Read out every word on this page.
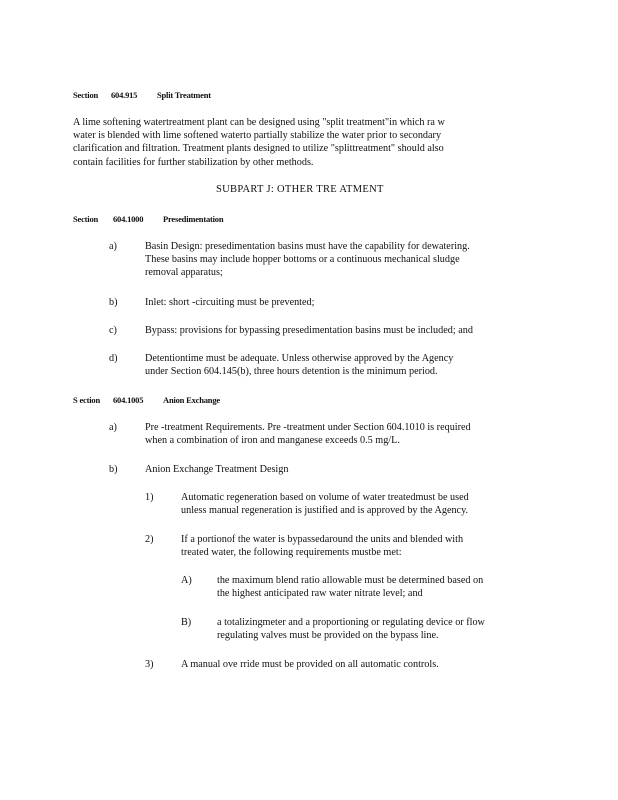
Section 604.915 Split Treatment
A lime softening watertreatment plant can be designed using "split treatment"in which ra w
water is blended with lime softened waterto partially stabilize the water prior to secondary
clarification and filtration. Treatment plants designed to utilize "splittreatment" should also
contain facilities for further stabilization by other methods.
SUBPART J: OTHER TRE ATMENT
Section 604.1000 Presedimentation
a)	Basin Design: presedimentation basins must have the capability for dewatering.
These basins may include hopper bottoms or a continuous mechanical sludge
removal apparatus;
b)	Inlet: short -circuiting must be prevented;
c)	Bypass: provisions for bypassing presedimentation basins must be included; and
d)	Detentiontime must be adequate. Unless otherwise approved by the Agency
under Section 604.145(b), three hours detention is the minimum period.
S ection 604.1005 Anion Exchange
a)	Pre -treatment Requirements. Pre -treatment under Section 604.1010 is required
when a combination of iron and manganese exceeds 0.5 mg/L.
b)	Anion Exchange Treatment Design
1)	Automatic regeneration based on volume of water treatedmust be used
unless manual regeneration is justified and is approved by the Agency.
2)	If a portionof the water is bypassedaround the units and blended with
treated water, the following requirements mustbe met:
A) the maximum blend ratio allowable must be determined based on
the highest anticipated raw water nitrate level; and
B)	a totalizingmeter and a proportioning or regulating device or flow
regulating valves must be provided on the bypass line.
3)	A manual ove rride must be provided on all automatic controls.
